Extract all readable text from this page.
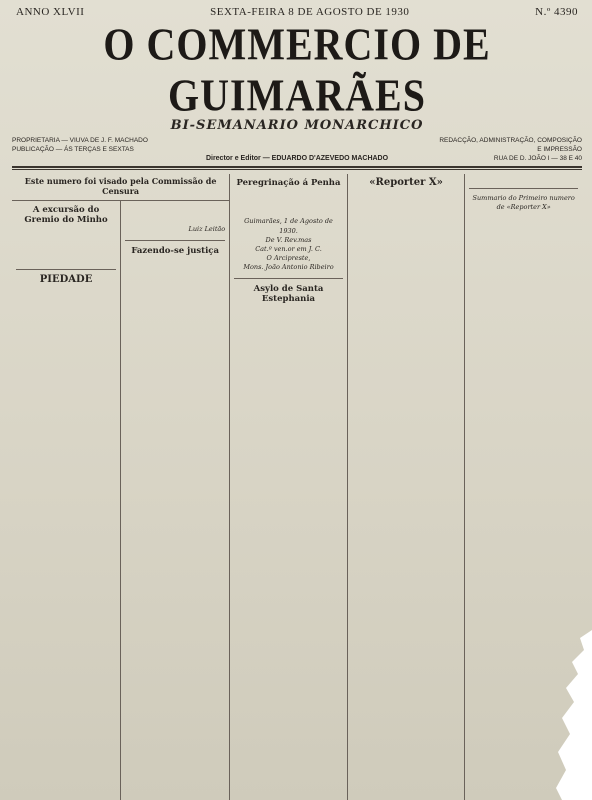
ANNO XLVII	SEXTA-FEIRA 8 DE AGOSTO DE 1930	N.º 4390
O COMMERCIO DE GUIMARÃES
BI-SEMANARIO MONARCHICO
PROPRIETARIA — VIUVA DE J. F. MACHADO
PUBLICAÇÃO — ÁS TERÇAS E SEXTAS
Director e Editor — EDUARDO D'AZEVEDO MACHADO
REDACÇÃO, ADMINISTRAÇÃO, COMPOSIÇÃO
E IMPRESSÃO
RUA DE D. JOÃO I — 38 E 40
Este numero foi visado pela Commissão de Censura
A excursão do Gremio do Minho

PIEDADE

Luiz Leitão
Fazendo-se justiça

Peregrinação á Penha

Guimarães, 1 de Agosto de 1930.
De V. Rev.mas
Cat.º ven.or em J. C.
O Arcipreste,
Mons. João Antonio Ribeiro
Asylo de Santa Estephania

«Reporter X»

Summario do Primeiro numero de «Reporter X»
